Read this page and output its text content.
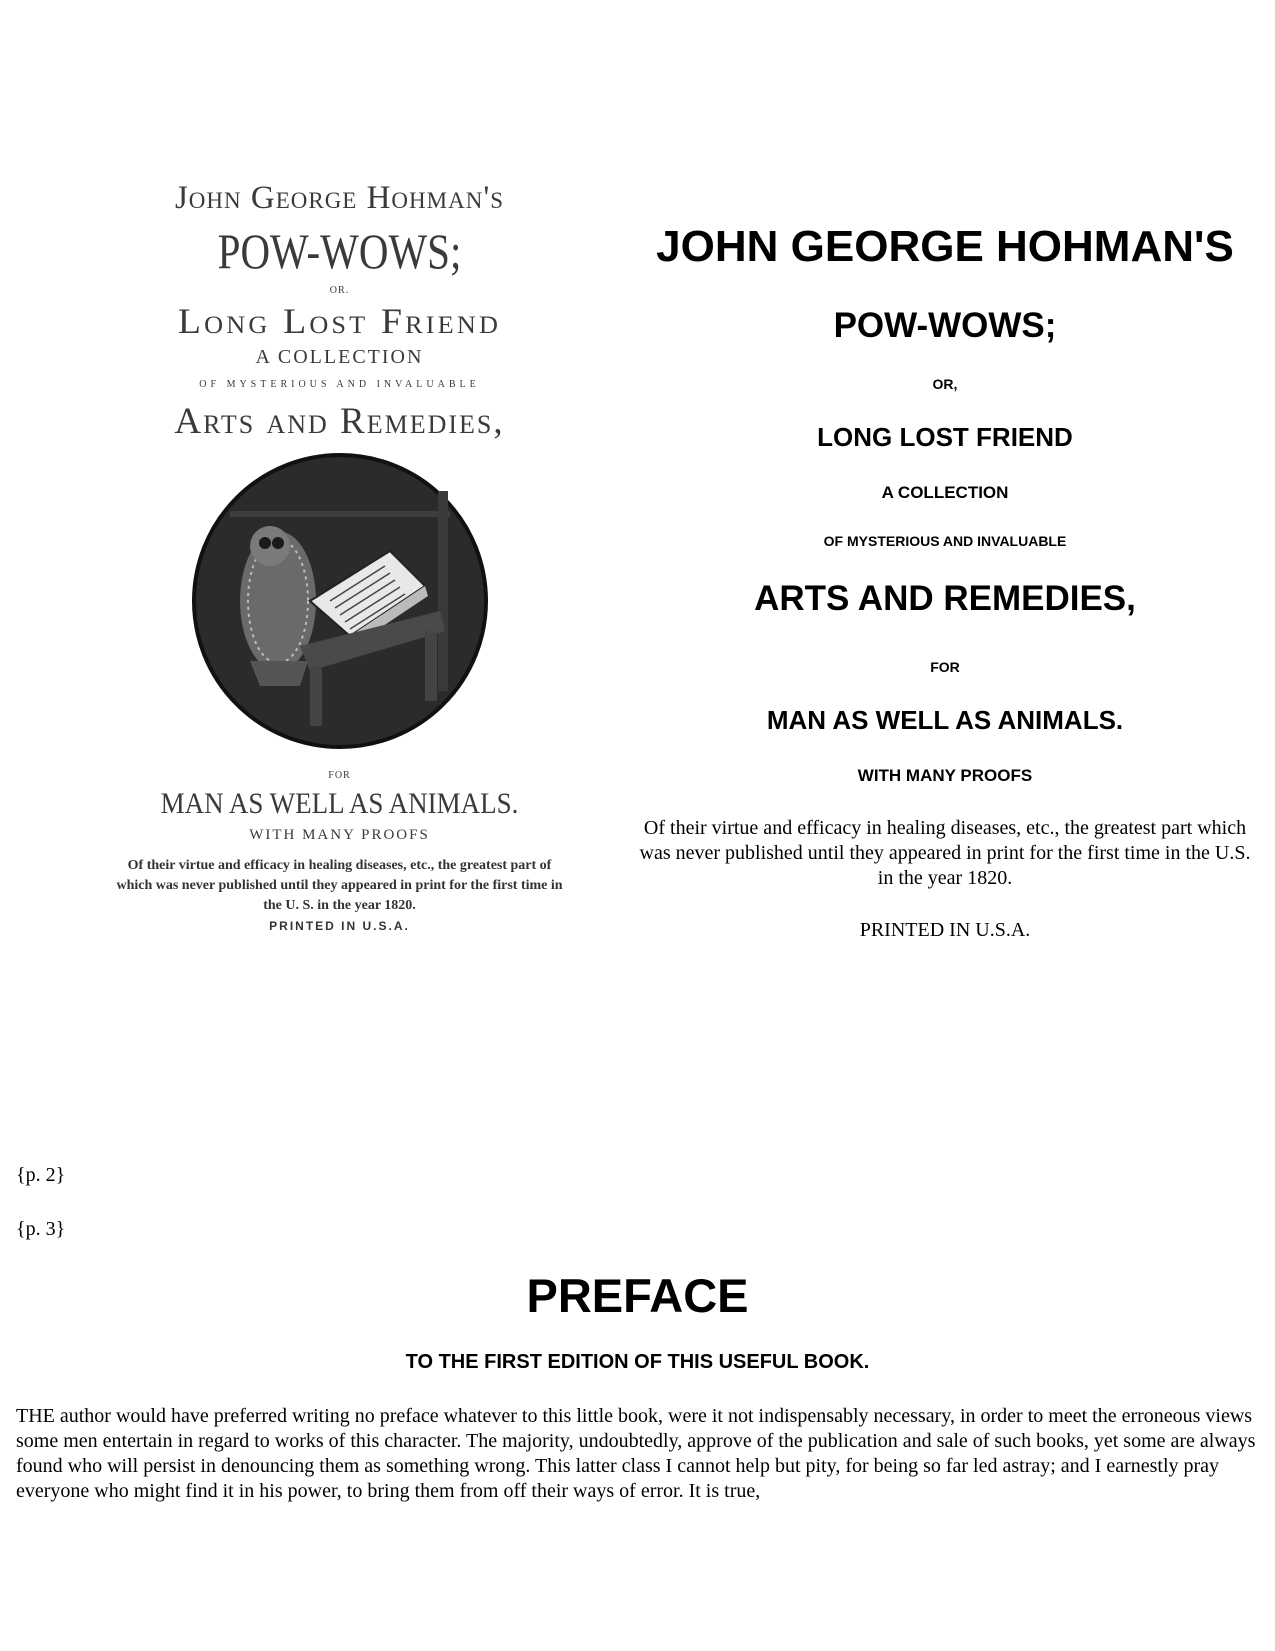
John George Hohman's
POW-WOWS;
OR.
Long Lost Friend
A COLLECTION
OF MYSTERIOUS AND INVALUABLE
Arts and Remedies,
FOR
MAN AS WELL AS ANIMALS.
WITH MANY PROOFS
Of their virtue and efficacy in healing diseases, etc., the greatest part of which was never published until they appeared in print for the first time in the U. S. in the year 1820.
PRINTED IN U.S.A.
JOHN GEORGE HOHMAN'S
POW-WOWS;
OR,
LONG LOST FRIEND
A COLLECTION
OF MYSTERIOUS AND INVALUABLE
ARTS AND REMEDIES,
FOR
MAN AS WELL AS ANIMALS.
WITH MANY PROOFS

Of their virtue and efficacy in healing diseases, etc., the greatest part which was never published until they appeared in print for the first time in the U.S. in the year 1820.

PRINTED IN U.S.A.

{p. 2}
{p. 3}
PREFACE
TO THE FIRST EDITION OF THIS USEFUL BOOK.

THE author would have preferred writing no preface whatever to this little book, were it not indispensably necessary, in order to meet the erroneous views some men entertain in regard to works of this character. The majority, undoubtedly, approve of the publication and sale of such books, yet some are always found who will persist in denouncing them as something wrong. This latter class I cannot help but pity, for being so far led astray; and I earnestly pray everyone who might find it in his power, to bring them from off their ways of error. It is true,
